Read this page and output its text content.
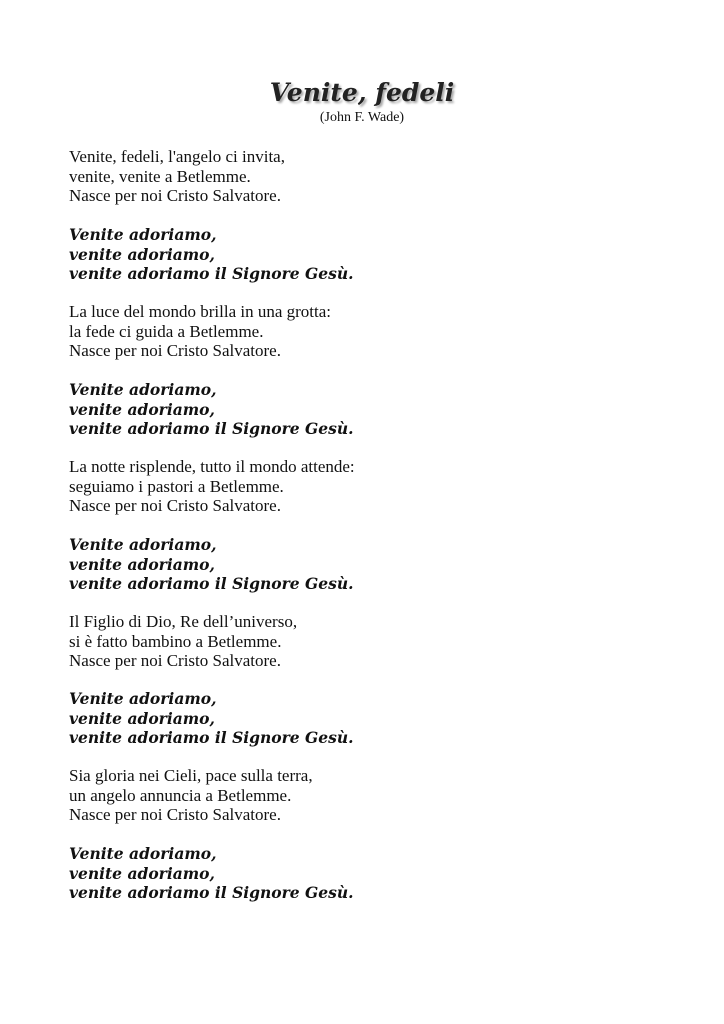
Venite, fedeli
(John F. Wade)
Venite, fedeli, l'angelo ci invita,
venite, venite a Betlemme.
Nasce per noi Cristo Salvatore.
Venite adoriamo,
venite adoriamo,
venite adoriamo il Signore Gesù.
La luce del mondo brilla in una grotta:
la fede ci guida a Betlemme.
Nasce per noi Cristo Salvatore.
Venite adoriamo,
venite adoriamo,
venite adoriamo il Signore Gesù.
La notte risplende, tutto il mondo attende:
seguiamo i pastori a Betlemme.
Nasce per noi Cristo Salvatore.
Venite adoriamo,
venite adoriamo,
venite adoriamo il Signore Gesù.
Il Figlio di Dio, Re dell’universo,
si è fatto bambino a Betlemme.
Nasce per noi Cristo Salvatore.
Venite adoriamo,
venite adoriamo,
venite adoriamo il Signore Gesù.
Sia gloria nei Cieli, pace sulla terra,
un angelo annuncia a Betlemme.
Nasce per noi Cristo Salvatore.
Venite adoriamo,
venite adoriamo,
venite adoriamo il Signore Gesù.
